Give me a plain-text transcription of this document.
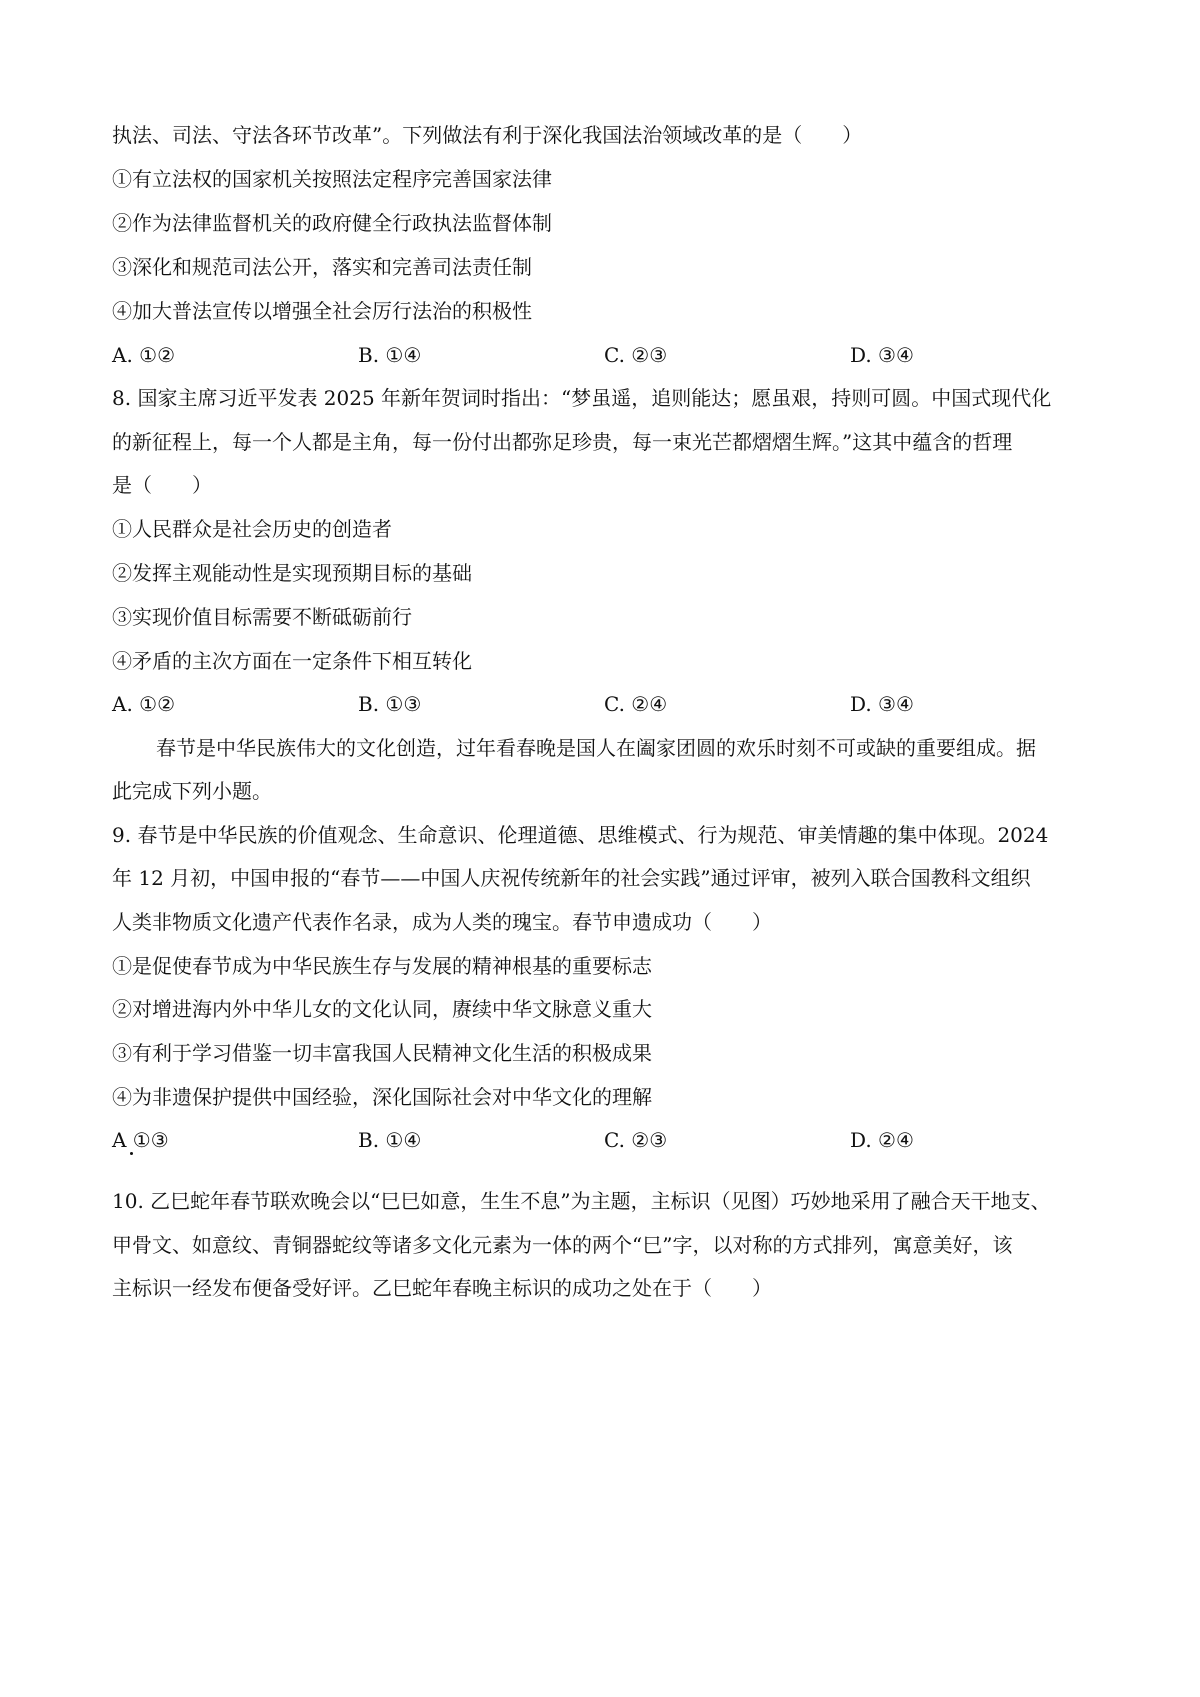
执法、司法、守法各环节改革”。下列做法有利于深化我国法治领域改革的是（　　）
①有立法权的国家机关按照法定程序完善国家法律
②作为法律监督机关的政府健全行政执法监督体制
③深化和规范司法公开，落实和完善司法责任制
④加大普法宣传以增强全社会厉行法治的积极性
A. ①②	B. ①④	C. ②③	D. ③④
8. 国家主席习近平发表 2025 年新年贺词时指出：“梦虽遥，追则能达；愿虽艰，持则可圆。中国式现代化
的新征程上，每一个人都是主角，每一份付出都弥足珍贵，每一束光芒都熠熠生辉。”这其中蕴含的哲理
是（　　）
①人民群众是社会历史的创造者
②发挥主观能动性是实现预期目标的基础
③实现价值目标需要不断砥砺前行
④矛盾的主次方面在一定条件下相互转化
A. ①②	B. ①③	C. ②④	D. ③④
春节是中华民族伟大的文化创造，过年看春晚是国人在阖家团圆的欢乐时刻不可或缺的重要组成。据
此完成下列小题。
9. 春节是中华民族的价值观念、生命意识、伦理道德、思维模式、行为规范、审美情趣的集中体现。2024
年 12 月初，中国申报的“春节——中国人庆祝传统新年的社会实践”通过评审，被列入联合国教科文组织
人类非物质文化遗产代表作名录，成为人类的瑰宝。春节申遗成功（　　）
①是促使春节成为中华民族生存与发展的精神根基的重要标志
②对增进海内外中华儿女的文化认同，赓续中华文脉意义重大
③有利于学习借鉴一切丰富我国人民精神文化生活的积极成果
④为非遗保护提供中国经验，深化国际社会对中华文化的理解
A ①③	B. ①④	C. ②③	D. ②④
10. 乙巳蛇年春节联欢晚会以“巳巳如意，生生不息”为主题，主标识（见图）巧妙地采用了融合天干地支、
甲骨文、如意纹、青铜器蛇纹等诸多文化元素为一体的两个“巳”字，以对称的方式排列，寓意美好，该
主标识一经发布便备受好评。乙巳蛇年春晚主标识的成功之处在于（　　）
